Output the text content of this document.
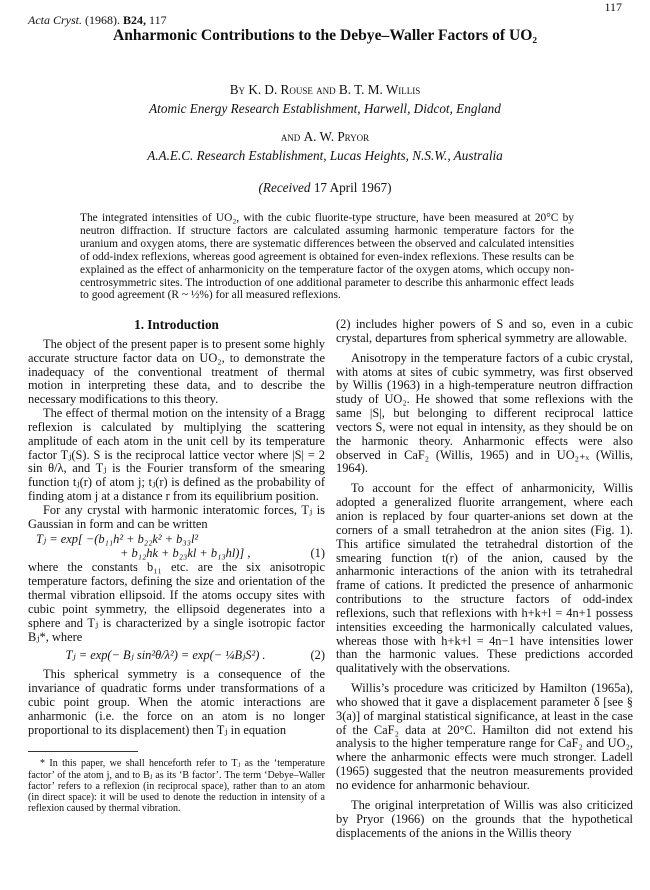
117
Acta Cryst. (1968). B24, 117
Anharmonic Contributions to the Debye–Waller Factors of UO₂
By K. D. Rouse and B. T. M. Willis
Atomic Energy Research Establishment, Harwell, Didcot, England
and A. W. Pryor
A.A.E.C. Research Establishment, Lucas Heights, N.S.W., Australia
(Received 17 April 1967)
The integrated intensities of UO₂, with the cubic fluorite-type structure, have been measured at 20°C by neutron diffraction. If structure factors are calculated assuming harmonic temperature factors for the uranium and oxygen atoms, there are systematic differences between the observed and calculated intensities of odd-index reflexions, whereas good agreement is obtained for even-index reflexions. These results can be explained as the effect of anharmonicity on the temperature factor of the oxygen atoms, which occupy non-centrosymmetric sites. The introduction of one additional parameter to describe this anharmonic effect leads to good agreement (R ~ ½%) for all measured reflexions.

1. Introduction

The object of the present paper is to present some highly accurate structure factor data on UO₂, to demonstrate the inadequacy of the conventional treatment of thermal motion in interpreting these data, and to describe the necessary modifications to this theory.

The effect of thermal motion on the intensity of a Bragg reflexion is calculated by multiplying the scattering amplitude of each atom in the unit cell by its temperature factor Tⱼ(S). S is the reciprocal lattice vector where |S| = 2 sin θ/λ, and Tⱼ is the Fourier transform of the smearing function tⱼ(r) of atom j; tⱼ(r) is defined as the probability of finding atom j at a distance r from its equilibrium position.

For any crystal with harmonic interatomic forces, Tⱼ is Gaussian in form and can be written

Tⱼ = exp[ −(b₁₁h² + b₂₂k² + b₃₃l²
+ b₁₂hk + b₂₃kl + b₁₃hl)] ,	(1)

where the constants b₁₁ etc. are the six anisotropic temperature factors, defining the size and orientation of the thermal vibration ellipsoid. If the atoms occupy sites with cubic point symmetry, the ellipsoid degenerates into a sphere and Tⱼ is characterized by a single isotropic factor Bⱼ*, where

Tⱼ = exp(− Bⱼ sin²θ/λ²) = exp(− ¼BⱼS²) .	(2)

This spherical symmetry is a consequence of the invariance of quadratic forms under transformations of a cubic point group. When the atomic interactions are anharmonic (i.e. the force on an atom is no longer proportional to its displacement) then Tⱼ in equation

* In this paper, we shall henceforth refer to Tⱼ as the ‘temperature factor’ of the atom j, and to Bⱼ as its ‘B factor’. The term ‘Debye–Waller factor’ refers to a reflexion (in reciprocal space), rather than to an atom (in direct space): it will be used to denote the reduction in intensity of a reflexion caused by thermal vibration.

(2) includes higher powers of S and so, even in a cubic crystal, departures from spherical symmetry are allowable.

Anisotropy in the temperature factors of a cubic crystal, with atoms at sites of cubic symmetry, was first observed by Willis (1963) in a high-temperature neutron diffraction study of UO₂. He showed that some reflexions with the same |S|, but belonging to different reciprocal lattice vectors S, were not equal in intensity, as they should be on the harmonic theory. Anharmonic effects were also observed in CaF₂ (Willis, 1965) and in UO₂₊ₓ (Willis, 1964).

To account for the effect of anharmonicity, Willis adopted a generalized fluorite arrangement, where each anion is replaced by four quarter-anions set down at the corners of a small tetrahedron at the anion sites (Fig. 1). This artifice simulated the tetrahedral distortion of the smearing function t(r) of the anion, caused by the anharmonic interactions of the anion with its tetrahedral frame of cations. It predicted the presence of anharmonic contributions to the structure factors of odd-index reflexions, such that reflexions with h+k+l = 4n+1 possess intensities exceeding the harmonically calculated values, whereas those with h+k+l = 4n−1 have intensities lower than the harmonic values. These predictions accorded qualitatively with the observations.

Willis’s procedure was criticized by Hamilton (1965a), who showed that it gave a displacement parameter δ [see § 3(a)] of marginal statistical significance, at least in the case of the CaF₂ data at 20°C. Hamilton did not extend his analysis to the higher temperature range for CaF₂ and UO₂, where the anharmonic effects were much stronger. Ladell (1965) suggested that the neutron measurements provided no evidence for anharmonic behaviour.

The original interpretation of Willis was also criticized by Pryor (1966) on the grounds that the hypothetical displacements of the anions in the Willis theory
